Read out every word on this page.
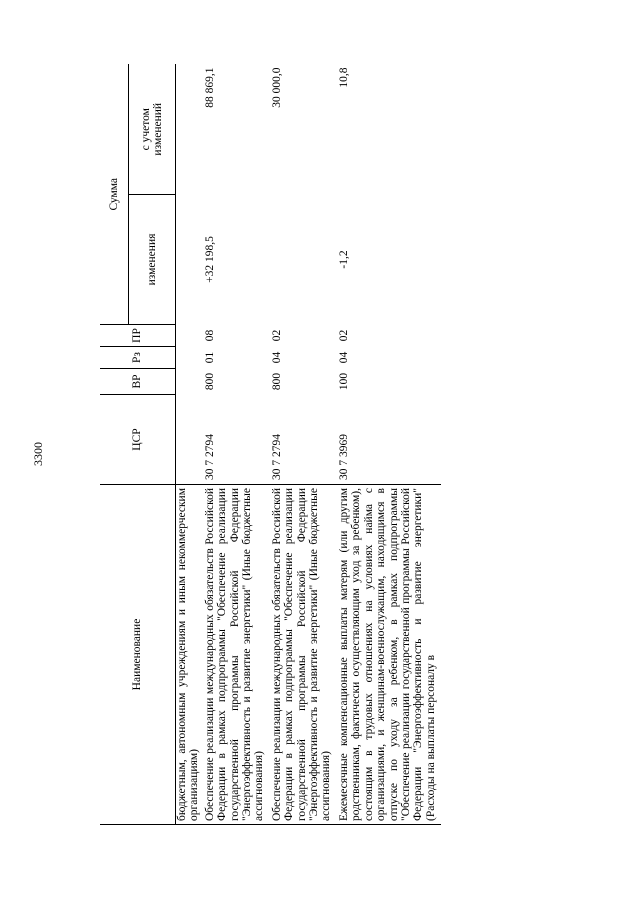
3300
Наименование	ЦСР	ВР	Рз	ПР	Сумма	
					изменения	с учетом изменений

бюджетным, автономным учреждениям и иным некоммерческим организациям)						
Обеспечение реализации международных обязательств Российской Федерации в рамках подпрограммы "Обеспечение реализации государственной программы Российской Федерации "Энергоэффективность и развитие энергетики" (Иные бюджетные ассигнования)	30 7 2794	800	01	08	+32 198,5	88 869,1
Обеспечение реализации международных обязательств Российской Федерации в рамках подпрограммы "Обеспечение реализации государственной программы Российской Федерации "Энергоэффективность и развитие энергетики" (Иные бюджетные ассигнования)	30 7 2794	800	04	02		30 000,0
Ежемесячные компенсационные выплаты матерям (или другим родственникам, фактически осуществляющим уход за ребенком), состоящим в трудовых отношениях на условиях найма с организациями, и женщинам-военнослужащим, находящимся в отпуске по уходу за ребенком, в рамках подпрограммы "Обеспечение реализации государственной программы Российской Федерации "Энергоэффективность и развитие энергетики" (Расходы на выплаты персоналу в	30 7 3969	100	04	02	-1,2	10,8
